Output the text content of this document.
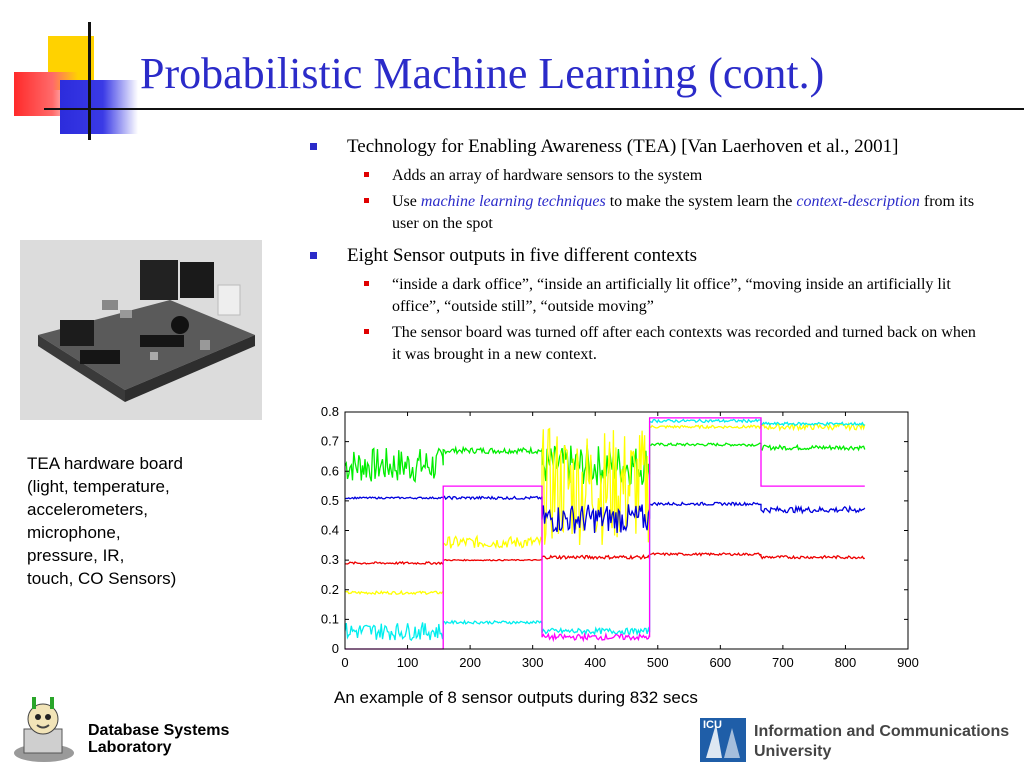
Probabilistic Machine Learning (cont.)
TEA hardware board
(light, temperature,
accelerometers,
microphone,
pressure, IR,
touch, CO Sensors)
Technology for Enabling Awareness (TEA) [Van Laerhoven et al., 2001]
Adds an array of hardware sensors to the system
Use machine learning techniques to make the system learn the context-description from its user on the spot
Eight Sensor outputs in five different contexts
“inside a dark office”, “inside an artificially lit office”, “moving inside an artificially lit office”, “outside still”, “outside moving”
The sensor board was turned off after each contexts was recorded and turned back on when it was brought in a new context.
0	100	200	300	400	500	600	700	800	900
0
0.1
0.2
0.3
0.4
0.5
0.6
0.7
0.8
An example of 8 sensor outputs during 832 secs
Database Systems
Laboratory
ICU Information and Communications
University
